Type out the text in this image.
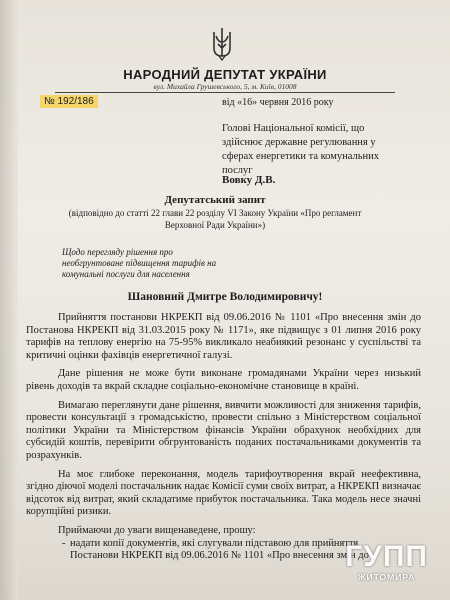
НАРОДНИЙ ДЕПУТАТ УКРАЇНИ
вул. Михайла Грушевського, 5, м. Київ, 01008
№ 192/186	від «16» червня 2016 року
Голові Національної комісії, що здійснює державне регулювання у сферах енергетики та комунальних послуг
Вовку Д.В.
Депутатський запит
(відповідно до статті 22 глави 22 розділу VI Закону України «Про регламент Верховної Ради України»)
Щодо перегляду рішення про необгрунтоване підвищення тарифів на комунальні послуги для населення
Шановний Дмитре Володимировичу!

Прийняття постанови НКРЕКП від 09.06.2016 № 1101 «Про внесення змін до Постанова НКРЕКП від 31.03.2015 року № 1171», яке підвищує з 01 липня 2016 року тарифів на теплову енергію на 75-95% викликало неабиякий резонанс у суспільстві та критичні оцінки фахівців енергетичної галузі.

Дане рішення не може бути виконане громадянами України через низький рівень доходів та вкрай складне соціально-економічне становище в країні.

Вимагаю переглянути дане рішення, вивчити можливості для зниження тарифів, провести консультації з громадськістю, провести спільно з Міністерством соціальної політики України та Міністерством фінансів України обрахунок необхідних для субсидій коштів, перевірити обгрунтованість поданих постачальниками документів та розрахунків.

На моє глибоке переконання, модель тарифоутворення вкрай неефективна, згідно діючої моделі постачальник надає Комісії суми своїх витрат, а НКРЕКП визначає відсоток від витрат, який складатиме прибуток постачальника. Така модель несе значні корупційні ризики.

Приймаючи до уваги вищенаведене, прошу:

- надати копії документів, які слугували підставою для прийняття

Постанови НКРЕКП від 09.06.2016 № 1101 «Про внесення змін до

ГУПП
ЖИТОМИРА
